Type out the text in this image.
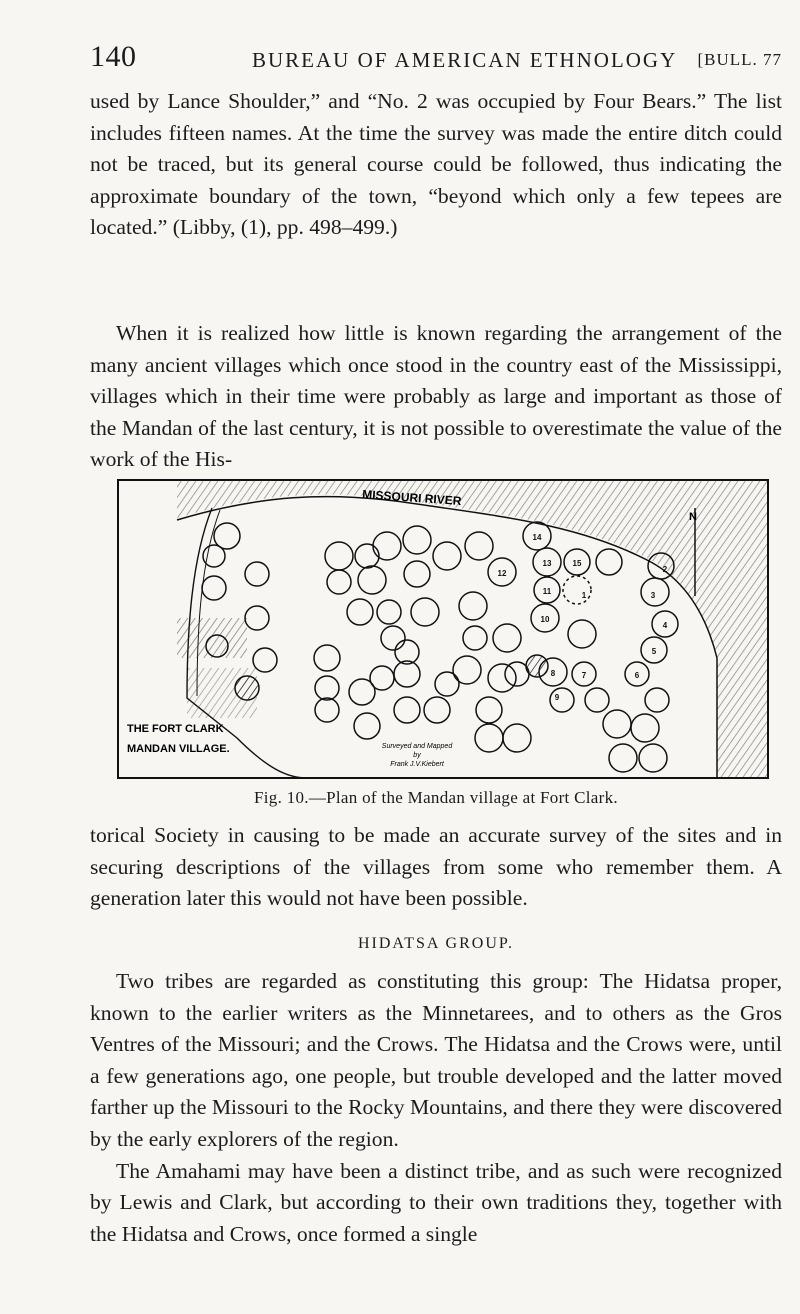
140	BUREAU OF AMERICAN ETHNOLOGY [BULL. 77

used by Lance Shoulder,” and “No. 2 was occupied by Four Bears.” The list includes fifteen names. At the time the survey was made the entire ditch could not be traced, but its general course could be followed, thus indicating the approximate boundary of the town, “beyond which only a few tepees are located.” (Libby, (1), pp. 498–499.)

When it is realized how little is known regarding the arrangement of the many ancient villages which once stood in the country east of the Mississippi, villages which in their time were probably as large and important as those of the Mandan of the last century, it is not possible to overestimate the value of the work of the His-

MISSOURI RIVER
N
1
2
3
4
5
6
7
8
9
10
11
12
13
14
15
THE FORT CLARK
MANDAN VILLAGE.	Surveyed and Mapped
by
Frank J.V.Kiebert
Fig. 10.—Plan of the Mandan village at Fort Clark.

torical Society in causing to be made an accurate survey of the sites and in securing descriptions of the villages from some who remember them. A generation later this would not have been possible.

HIDATSA GROUP.

Two tribes are regarded as constituting this group: The Hidatsa proper, known to the earlier writers as the Minnetarees, and to others as the Gros Ventres of the Missouri; and the Crows. The Hidatsa and the Crows were, until a few generations ago, one people, but trouble developed and the latter moved farther up the Missouri to the Rocky Mountains, and there they were discovered by the early explorers of the region.

The Amahami may have been a distinct tribe, and as such were recognized by Lewis and Clark, but according to their own traditions they, together with the Hidatsa and Crows, once formed a single
